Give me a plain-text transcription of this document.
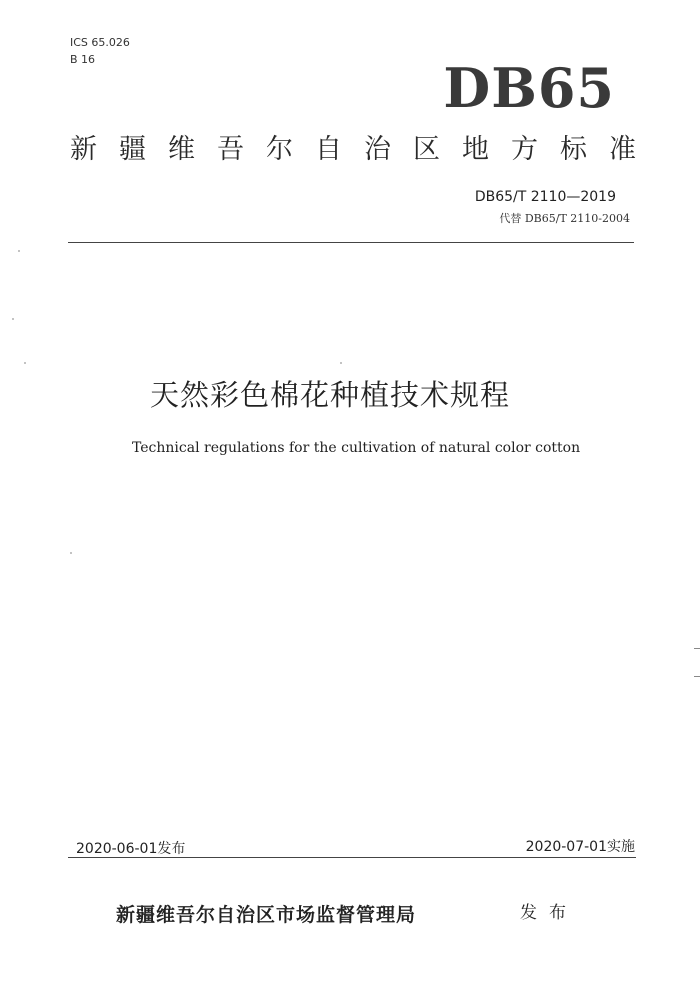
ICS 65.026
B 16	DB65
新 疆 维 吾 尔 自 治 区 地 方 标 准
DB65/T 2110—2019
代替 DB65/T 2110-2004
天然彩色棉花种植技术规程
Technical regulations for the cultivation of natural color cotton
2020-06-01发布	2020-07-01实施
新疆维吾尔自治区市场监督管理局	发布
